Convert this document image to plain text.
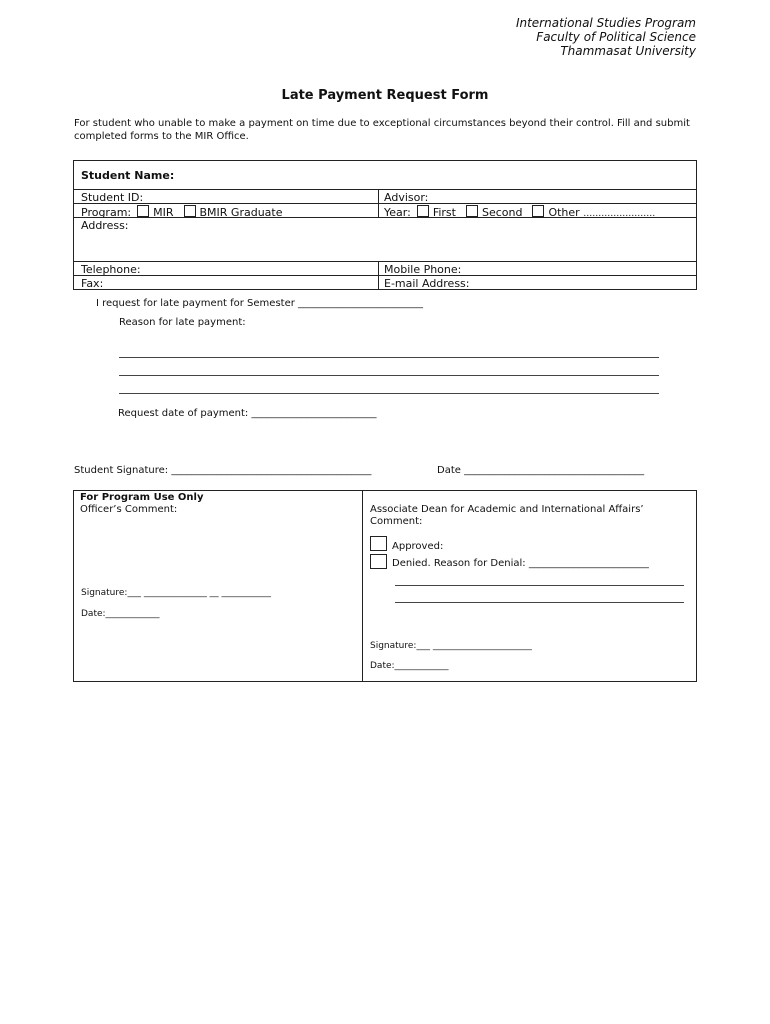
International Studies Program
Faculty of Political Science
Thammasat University
Late Payment Request Form
For student who unable to make a payment on time due to exceptional circumstances beyond their control. Fill and submit completed forms to the MIR Office.
Student Name:
Student ID:	Advisor:
Program: MIR BMIR Graduate	Year: First Second Other ……………………
Address:
Telephone:	Mobile Phone:
Fax:	E-mail Address:
I request for late payment for Semester _________________________
Reason for late payment:
Request date of payment: _________________________
Student Signature: ________________________________________	Date ____________________________________
For Program Use Only
Officer’s Comment:
Signature:___ ______________ __ ___________
Date:____________
Associate Dean for Academic and International Affairs’ Comment:
Approved:
Denied. Reason for Denial: ________________________
Signature:___ ______________________
Date:____________
